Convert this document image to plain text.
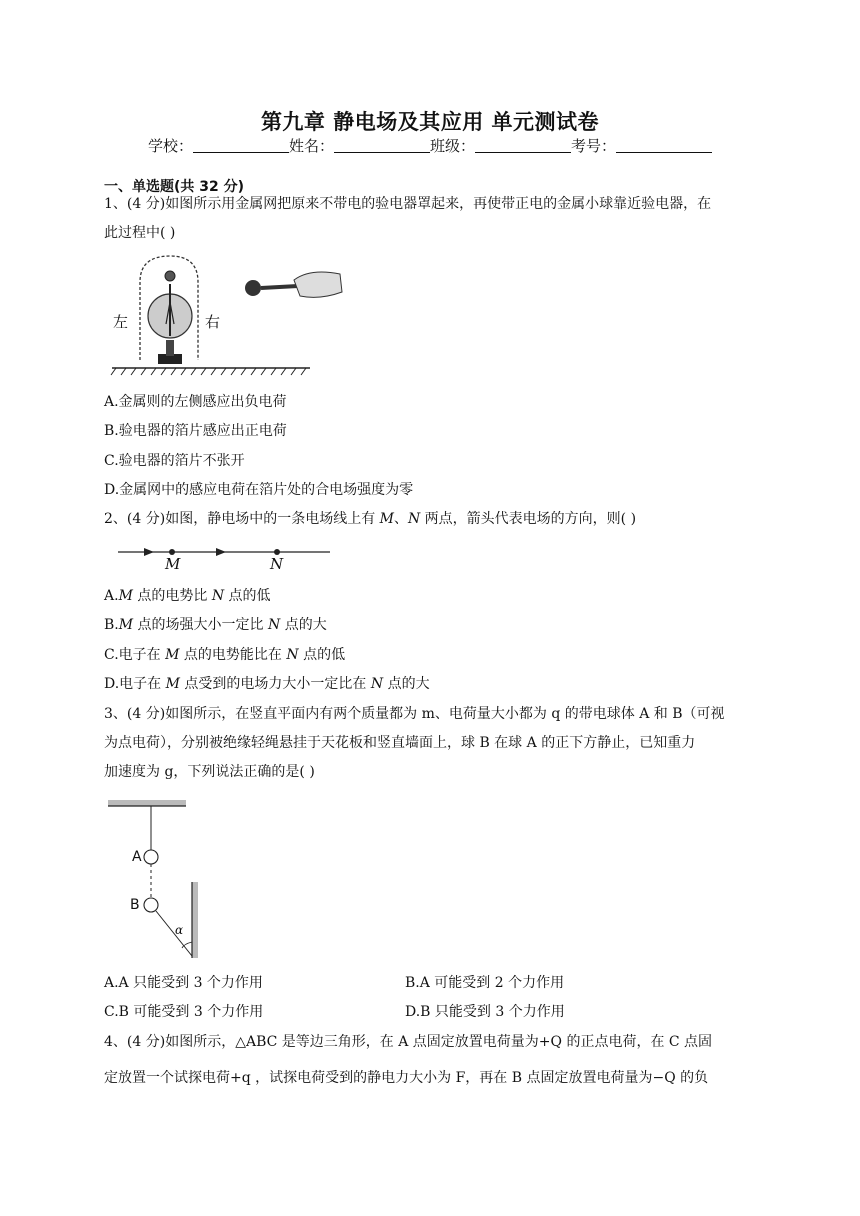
第九章 静电场及其应用 单元测试卷
学校：	姓名：	班级：	考号：
一、单选题(共 32 分)
1、(4 分)如图所示用金属网把原来不带电的验电器罩起来，再使带正电的金属小球靠近验电器，在
此过程中( )
左	右
A.金属则的左侧感应出负电荷
B.验电器的箔片感应出正电荷
C.验电器的箔片不张开
D.金属网中的感应电荷在箔片处的合电场强度为零
2、(4 分)如图，静电场中的一条电场线上有 M、N 两点，箭头代表电场的方向，则( )
M	N
A.M 点的电势比 N 点的低
B.M 点的场强大小一定比 N 点的大
C.电子在 M 点的电势能比在 N 点的低
D.电子在 M 点受到的电场力大小一定比在 N 点的大
3、(4 分)如图所示，在竖直平面内有两个质量都为 m、电荷量大小都为 q 的带电球体 A 和 B（可视
为点电荷），分别被绝缘轻绳悬挂于天花板和竖直墙面上，球 B 在球 A 的正下方静止，已知重力
加速度为 g，下列说法正确的是( )
A
B
α
A.A 只能受到 3 个力作用	B.A 可能受到 2 个力作用
C.B 可能受到 3 个力作用	D.B 只能受到 3 个力作用
4、(4 分)如图所示，△ABC 是等边三角形，在 A 点固定放置电荷量为+Q 的正点电荷，在 C 点固
定放置一个试探电荷+q ，试探电荷受到的静电力大小为 F，再在 B 点固定放置电荷量为−Q 的负
